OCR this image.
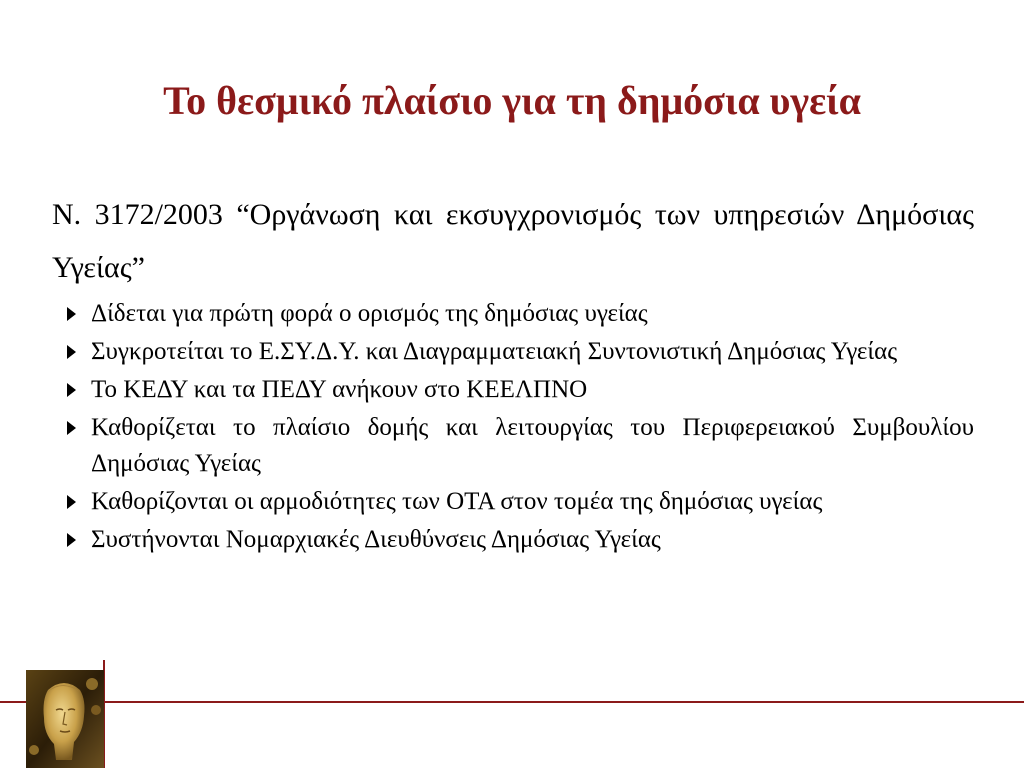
Το θεσμικό πλαίσιο για τη δημόσια υγεία
Ν. 3172/2003 “Οργάνωση και εκσυγχρονισμός των υπηρεσιών Δημόσιας Υγείας”
Δίδεται για πρώτη φορά ο ορισμός της δημόσιας υγείας
Συγκροτείται το Ε.ΣΥ.Δ.Υ. και Διαγραμματειακή Συντονιστική Δημόσιας Υγείας
Το ΚΕΔΥ και τα ΠΕΔΥ ανήκουν στο ΚΕΕΛΠΝΟ
Καθορίζεται το πλαίσιο δομής και λειτουργίας του Περιφερειακού Συμβουλίου Δημόσιας Υγείας
Καθορίζονται οι αρμοδιότητες των ΟΤΑ στον τομέα της δημόσιας υγείας
Συστήνονται Νομαρχιακές Διευθύνσεις Δημόσιας Υγείας
